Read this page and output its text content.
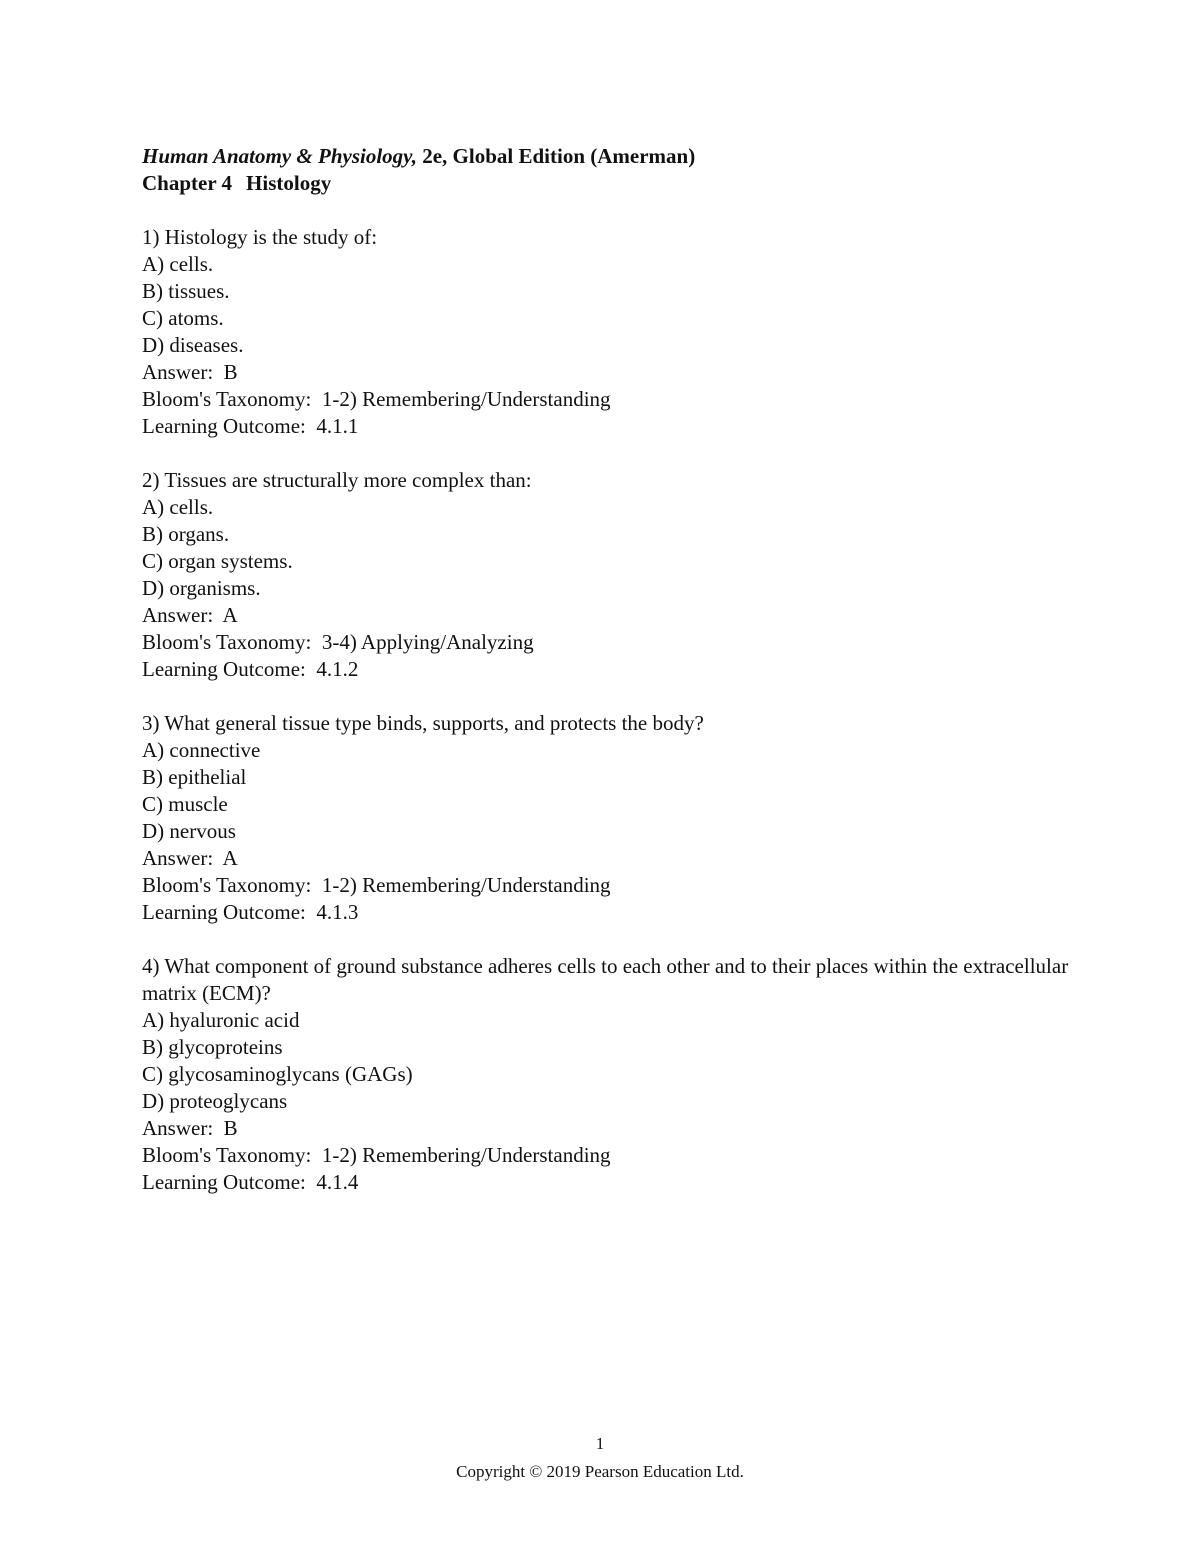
Human Anatomy & Physiology, 2e, Global Edition (Amerman)
Chapter 4 Histology
1) Histology is the study of:
A) cells.
B) tissues.
C) atoms.
D) diseases.
Answer:  B
Bloom's Taxonomy:  1-2) Remembering/Understanding
Learning Outcome:  4.1.1
2) Tissues are structurally more complex than:
A) cells.
B) organs.
C) organ systems.
D) organisms.
Answer:  A
Bloom's Taxonomy:  3-4) Applying/Analyzing
Learning Outcome:  4.1.2
3) What general tissue type binds, supports, and protects the body?
A) connective
B) epithelial
C) muscle
D) nervous
Answer:  A
Bloom's Taxonomy:  1-2) Remembering/Understanding
Learning Outcome:  4.1.3
4) What component of ground substance adheres cells to each other and to their places within the extracellular matrix (ECM)?
A) hyaluronic acid
B) glycoproteins
C) glycosaminoglycans (GAGs)
D) proteoglycans
Answer:  B
Bloom's Taxonomy:  1-2) Remembering/Understanding
Learning Outcome:  4.1.4
1
Copyright © 2019 Pearson Education Ltd.
